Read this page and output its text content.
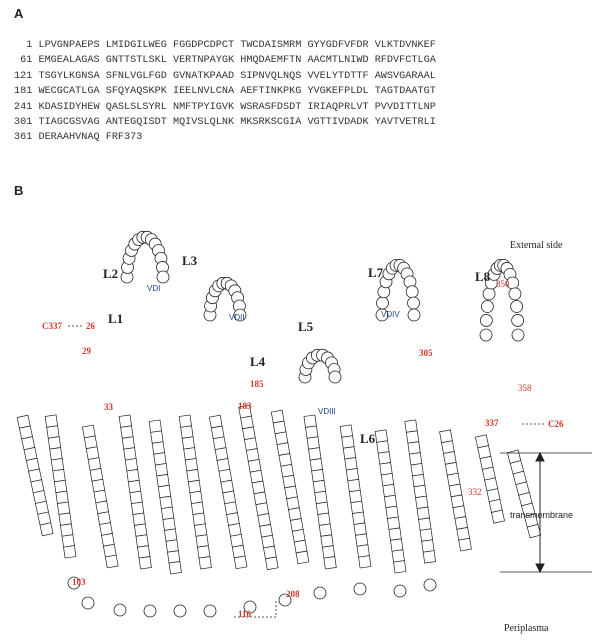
A
1 LPVGNPAEPS LMIDGILWEG FGGDPCDPCT TWCDAISMRM GYYGDFVFDR VLKTDVNKEF
61 EMGEALAGAS GNTTSTLSKL VERTNPAYGK HMQDAEMFTN AACMTLNIWD RFDVFCTLGA
121 TSGYLKGNSA SFNLVGLFGD GVNATKPAAD SIPNVQLNQS VVELYTDTTF AWSVGARAAL
181 WECGCATLGA SFQYAQSKPK IEELNVLCNA AEFTINKPKG YVGKEFPLDL TAGTDAATGT
241 KDASIDYHEW QASLSLSYRL NMFTPYIGVK WSRASFDSDT IRIAQPRLVT PVVDITTLNP
301 TIAGCGSVAG ANTEGQISDT MQIVSLQLNK MKSRKSCGIA VGTTIVDADK YAVTVETRLI
361 DERAAHVNAQ FRF373
B
L1
L2
L3
L4
L5
L6
L7	L8
VDI
VDII
VDIII
VDIV
External side
Periplasma
transmembrane
C337	26
29
33
103
116
183
185
208
305
337	C26
350
358
332
